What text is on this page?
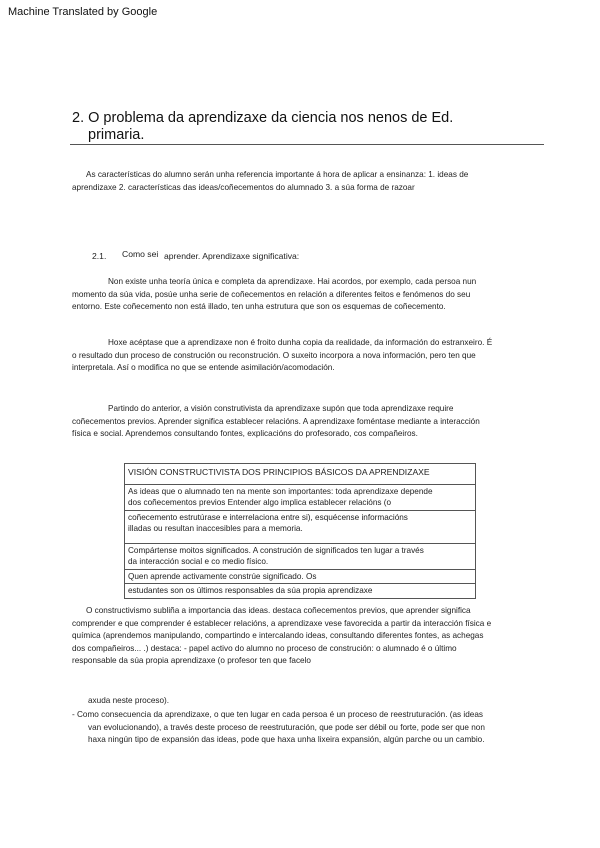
Machine Translated by Google
2. O problema da aprendizaxe da ciencia nos nenos de Ed.
primaria.
As características do alumno serán unha referencia importante á hora de aplicar a ensinanza: 1. ideas de
aprendizaxe 2. características das ideas/coñecementos do alumnado 3. a súa forma de razoar
2.1. Como sei aprender. Aprendizaxe significativa:
Non existe unha teoría única e completa da aprendizaxe. Hai acordos, por exemplo, cada persoa nun
momento da súa vida, posúe unha serie de coñecementos en relación a diferentes feitos e fenómenos do seu
entorno. Este coñecemento non está illado, ten unha estrutura que son os esquemas de coñecemento.
Hoxe acéptase que a aprendizaxe non é froito dunha copia da realidade, da información do estranxeiro. É
o resultado dun proceso de construción ou reconstrución. O suxeito incorpora a nova información, pero ten que
interpretala. Así o modifica no que se entende asimilación/acomodación.
Partindo do anterior, a visión construtivista da aprendizaxe supón que toda aprendizaxe require
coñecementos previos. Aprender significa establecer relacións. A aprendizaxe foméntase mediante a interacción
física e social. Aprendemos consultando fontes, explicacións do profesorado, cos compañeiros.
VISIÓN CONSTRUCTIVISTA DOS PRINCIPIOS BÁSICOS DA APRENDIZAXE

As ideas que o alumnado ten na mente son importantes: toda aprendizaxe depende
dos coñecementos previos Entender algo implica establecer relacións (o

coñecemento estrutúrase e interrelaciona entre si), esquécense informacións
illadas ou resultan inaccesibles para a memoria.

Compártense moitos significados. A construción de significados ten lugar a través
da interacción social e co medio físico.

Quen aprende activamente constrúe significado. Os

estudantes son os últimos responsables da súa propia aprendizaxe
O constructivismo subliña a importancia das ideas. destaca coñecementos previos, que aprender significa
comprender e que comprender é establecer relacións, a aprendizaxe vese favorecida a partir da interacción física e
química (aprendemos manipulando, compartindo e intercalando ideas, consultando diferentes fontes, as achegas
dos compañeiros... .) destaca: - papel activo do alumno no proceso de construción: o alumnado é o último
responsable da súa propia aprendizaxe (o profesor ten que facelo
axuda neste proceso).
- Como consecuencia da aprendizaxe, o que ten lugar en cada persoa é un proceso de reestruturación. (as ideas
van evolucionando), a través deste proceso de reestruturación, que pode ser débil ou forte, pode ser que non
haxa ningún tipo de expansión das ideas, pode que haxa unha lixeira expansión, algún parche ou un cambio.
